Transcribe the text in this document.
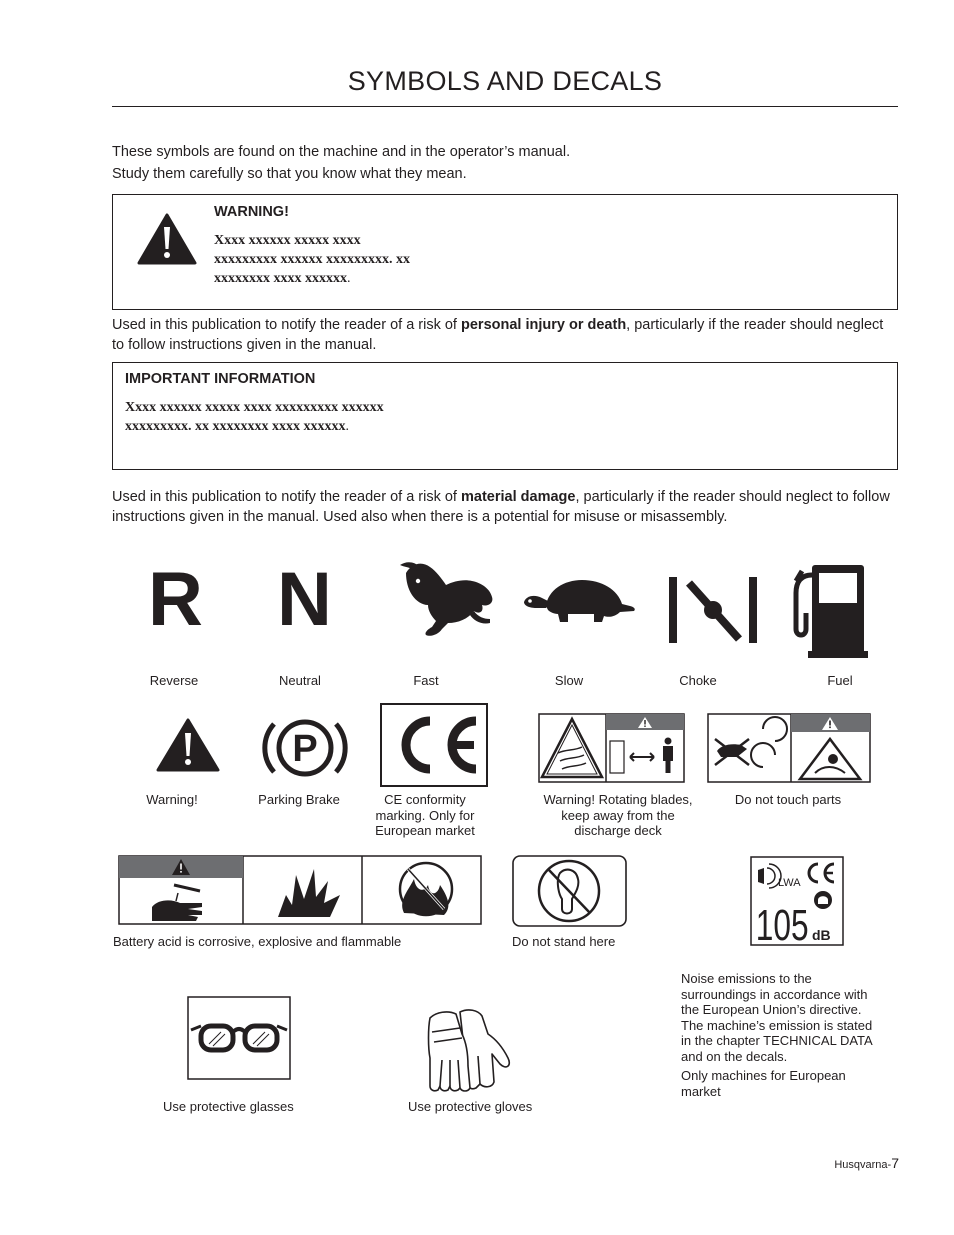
SYMBOLS AND DECALS
These symbols are found on the machine and in the operator’s manual.
Study them carefully so that you know what they mean.
WARNING!
Xxxx xxxxxx xxxxx xxxx
xxxxxxxxx xxxxxx xxxxxxxxx. xx
xxxxxxxx xxxx xxxxxx.
Used in this publication to notify the reader of a risk of personal injury or death, particularly if the reader should neglect to follow instructions given in the manual.
IMPORTANT INFORMATION
Xxxx xxxxxx xxxxx xxxx xxxxxxxxx xxxxxx
xxxxxxxxx. xx xxxxxxxx xxxx xxxxxx.
Used in this publication to notify the reader of a risk of material damage, particularly if the reader should neglect to follow instructions given in the manual. Used also when there is a potential for misuse or misassembly.
R N
Reverse	Neutral	Fast	Slow	Choke	Fuel
P
Warning!	Parking Brake	CE conformity
marking. Only for
European market
Warning! Rotating blades,
keep away from the
discharge deck
Do not touch parts
LWA
105 dB
Battery acid is corrosive, explosive and flammable	Do not stand here
Noise emissions to the
surroundings in accordance with
the European Union’s directive.
The machine’s emission is stated
in the chapter TECHNICAL DATA
and on the decals.
Only machines for European
market
Use protective glasses	Use protective gloves
Husqvarna-7
